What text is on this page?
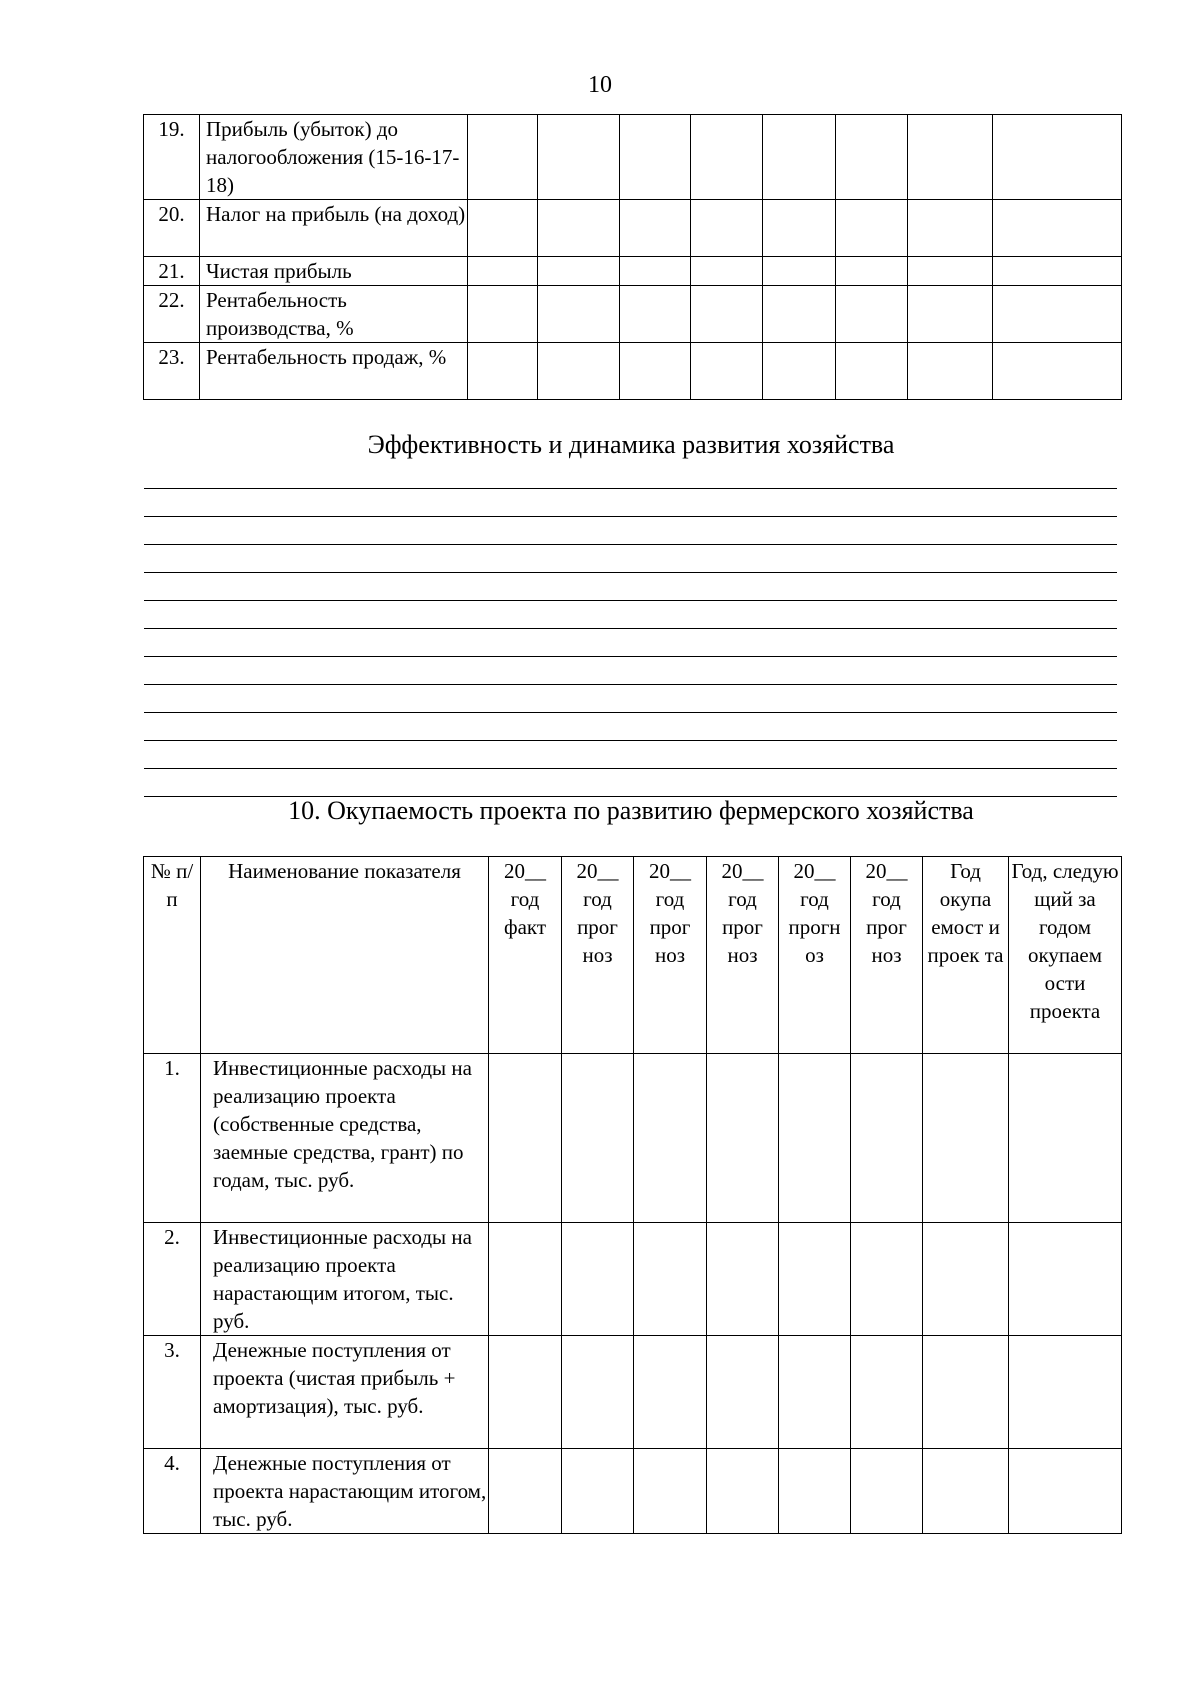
10
19.	Прибыль (убыток) до налогообложения (15-16-17-18)								
20.	Налог на прибыль (на доход)								
21.	Чистая прибыль								
22.	Рентабельность производства, %								
23.	Рентабельность продаж, %								
Эффективность и динамика развития хозяйства
10. Окупаемость проекта по развитию фермерского хозяйства
№ п/п	Наименование показателя	20__ год факт	20__ год прог ноз	20__ год прог ноз	20__ год прог ноз	20__ год прогн оз	20__ год прог ноз	Год окупа емост и проек та	Год, следую щий за годом окупаем ости проекта
1.	Инвестиционные расходы на реализацию проекта (собственные средства, заемные средства, грант) по годам, тыс. руб.								
2.	Инвестиционные расходы на реализацию проекта нарастающим итогом, тыс. руб.								
3.	Денежные поступления от проекта (чистая прибыль + амортизация), тыс. руб.								
4.	Денежные поступления от проекта нарастающим итогом, тыс. руб.								
